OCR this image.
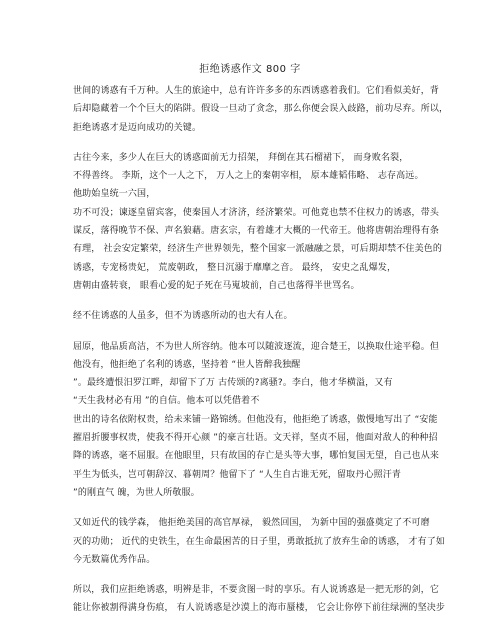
拒绝诱惑作文 800 字
世间的诱惑有千万种。人生的旅途中，总有许许多多的东西诱惑着我们。它们看似美好，背
后却隐藏着一个个巨大的陷阱。假设一旦动了贪念，那么你便会误入歧路，前功尽弃。所以，
拒绝诱惑才是迈向成功的关键。
古往今来，多少人在巨大的诱惑面前无力招架， 拜倒在其石榴裙下， 而身败名裂，
不得善终。 李斯，这个一人之下， 万人之上的秦朝宰相， 原本雄韬伟略、 志存高远。
他助始皇统一六国，
功不可没；谏逐皇留宾客，使秦国人才济济，经济繁荣。可他竟也禁不住权力的诱惑，带头
谋反，落得晚节不保、声名狼藉。唐玄宗，有着雄才大概的一代帝王。他将唐朝治理得有条
有理， 社会安定繁荣，经济生产世界领先，整个国家一派融融之景，可后期却禁不住美色的
诱惑，专宠杨贵妃， 荒废朝政， 整日沉溺于靡靡之音。 最终， 安史之乱爆发，
唐朝由盛转衰， 眼看心爱的妃子死在马嵬坡前，自己也落得半世骂名。
经不住诱惑的人虽多，但不为诱惑所动的也大有人在。
屈原，他品质高洁，不为世人所容纳。他本可以随波逐流，迎合楚王，以换取仕途平稳。但
他没有，他拒绝了名利的诱惑，坚持着 “世人皆醉我独醒
”。最终遭恨汨罗江畔，却留下了万 古传颂的?离骚?。李白，他才华横溢，又有
“天生我材必有用 ”的自信。他本可以凭借着不
世出的诗名依附权贵，给未来铺一路锦绣。但他没有，他拒绝了诱惑，傲慢地写出了 “安能
摧眉折腰事权贵，使我不得开心颜 ”的豪言壮语。文天祥，坚贞不屈，他面对敌人的种种招
降的诱惑，毫不屈服。在他眼里，只有故国的存亡是头等大事，哪怕复国无望，自己也从来
平生为低头，岂可朝辞汉、暮朝周？他留下了 “人生自古谁无死，留取丹心照汗青
”的刚直气 魄，为世人所敬服。
又如近代的钱学森， 他拒绝美国的高官厚禄， 毅然回国， 为新中国的强盛奠定了不可磨
灭的功勋； 近代的史铁生，在生命最困苦的日子里，勇敢抵抗了放弃生命的诱惑， 才有了如
今无数篇优秀作品。
所以，我们应拒绝诱惑，明辨是非，不要贪图一时的享乐。有人说诱惑是一把无形的剑，它
能让你被割得满身伤痕， 有人说诱惑是沙漠上的海市蜃楼， 它会让你停下前往绿洲的坚决步
